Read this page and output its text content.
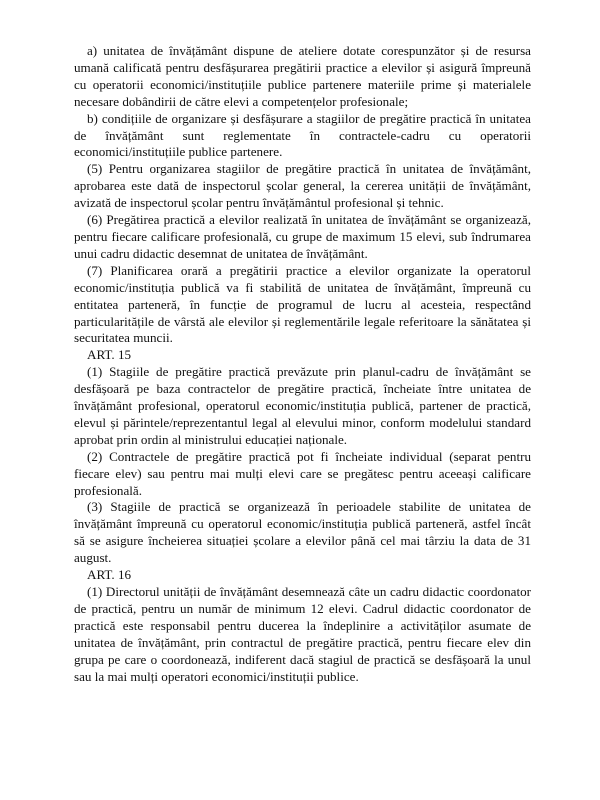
a) unitatea de învățământ dispune de ateliere dotate corespunzător și de resursa umană calificată pentru desfășurarea pregătirii practice a elevilor și asigură împreună cu operatorii economici/instituțiile publice partenere materiile prime și materialele necesare dobândirii de către elevi a competențelor profesionale;

b) condițiile de organizare și desfășurare a stagiilor de pregătire practică în unitatea de învățământ sunt reglementate în contractele-cadru cu operatorii economici/instituțiile publice partenere.

(5) Pentru organizarea stagiilor de pregătire practică în unitatea de învățământ, aprobarea este dată de inspectorul școlar general, la cererea unității de învățământ, avizată de inspectorul școlar pentru învățământul profesional și tehnic.

(6) Pregătirea practică a elevilor realizată în unitatea de învățământ se organizează, pentru fiecare calificare profesională, cu grupe de maximum 15 elevi, sub îndrumarea unui cadru didactic desemnat de unitatea de învățământ.

(7) Planificarea orară a pregătirii practice a elevilor organizate la operatorul economic/instituția publică va fi stabilită de unitatea de învățământ, împreună cu entitatea parteneră, în funcție de programul de lucru al acesteia, respectând particularitățile de vârstă ale elevilor și reglementările legale referitoare la sănătatea și securitatea muncii.

ART. 15

(1) Stagiile de pregătire practică prevăzute prin planul-cadru de învățământ se desfășoară pe baza contractelor de pregătire practică, încheiate între unitatea de învățământ profesional, operatorul economic/instituția publică, partener de practică, elevul și părintele/reprezentantul legal al elevului minor, conform modelului standard aprobat prin ordin al ministrului educației naționale.

(2) Contractele de pregătire practică pot fi încheiate individual (separat pentru fiecare elev) sau pentru mai mulți elevi care se pregătesc pentru aceeași calificare profesională.

(3) Stagiile de practică se organizează în perioadele stabilite de unitatea de învățământ împreună cu operatorul economic/instituția publică parteneră, astfel încât să se asigure încheierea situației școlare a elevilor până cel mai târziu la data de 31 august.

ART. 16

(1) Directorul unității de învățământ desemnează câte un cadru didactic coordonator de practică, pentru un număr de minimum 12 elevi. Cadrul didactic coordonator de practică este responsabil pentru ducerea la îndeplinire a activităților asumate de unitatea de învățământ, prin contractul de pregătire practică, pentru fiecare elev din grupa pe care o coordonează, indiferent dacă stagiul de practică se desfășoară la unul sau la mai mulți operatori economici/instituții publice.
